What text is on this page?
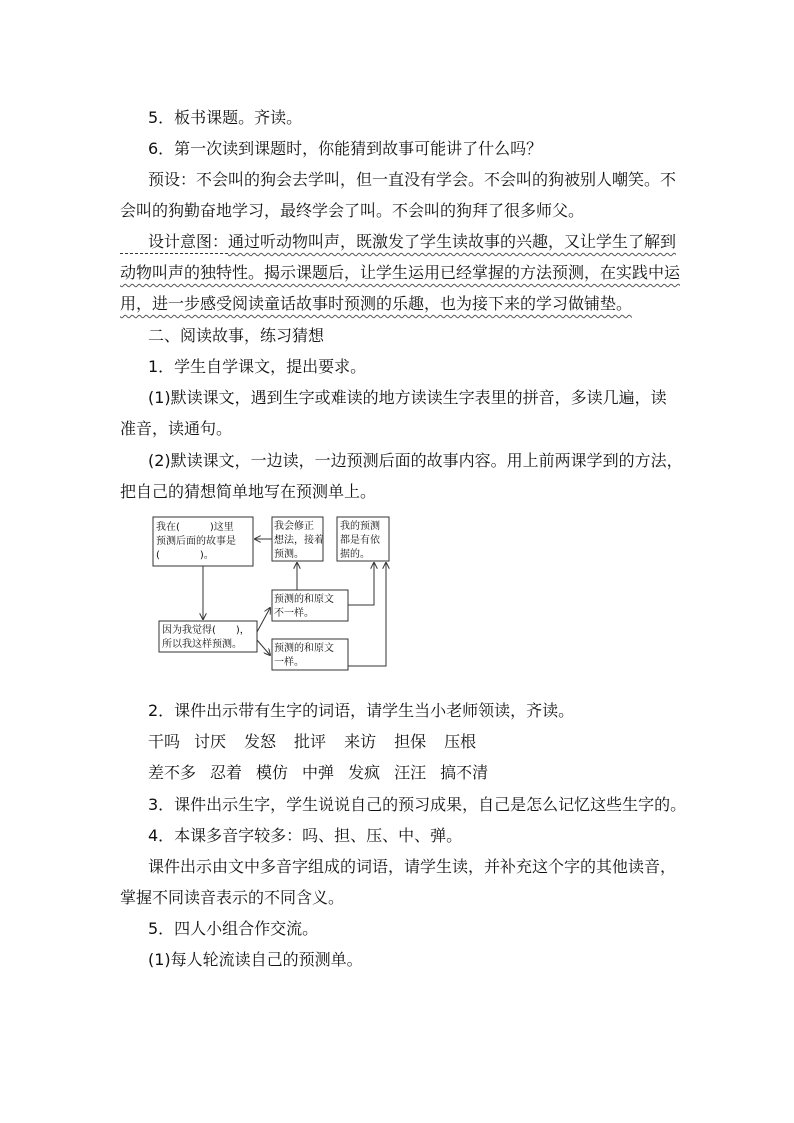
5．板书课题。齐读。
6．第一次读到课题时，你能猜到故事可能讲了什么吗？
预设：不会叫的狗会去学叫，但一直没有学会。不会叫的狗被别人嘲笑。不
会叫的狗勤奋地学习，最终学会了叫。不会叫的狗拜了很多师父。
设计意图：通过听动物叫声，既激发了学生读故事的兴趣，又让学生了解到
动物叫声的独特性。揭示课题后，让学生运用已经掌握的方法预测，在实践中运
用，进一步感受阅读童话故事时预测的乐趣，也为接下来的学习做铺垫。
二、阅读故事，练习猜想
1．学生自学课文，提出要求。
(1)默读课文，遇到生字或难读的地方读读生字表里的拼音，多读几遍，读
准音，读通句。
(2)默读课文，一边读，一边预测后面的故事内容。用上前两课学到的方法，
把自己的猜想简单地写在预测单上。
我在(　　　)这里
预测后面的故事是
(　　　　)。
我会修正
想法，接着
预测。
我的预测
都是有依
据的。
预测的和原文
不一样。
因为我觉得(　　)，
所以我这样预测。	预测的和原文
一样。
2．课件出示带有生字的词语，请学生当小老师领读，齐读。
干吗 讨厌 发怒 批评 来访 担保 压根
差不多 忍着 模仿 中弹 发疯 汪汪 搞不清
3．课件出示生字，学生说说自己的预习成果，自己是怎么记忆这些生字的。
4．本课多音字较多：吗、担、压、中、弹。
课件出示由文中多音字组成的词语，请学生读，并补充这个字的其他读音，
掌握不同读音表示的不同含义。
5．四人小组合作交流。
(1)每人轮流读自己的预测单。
